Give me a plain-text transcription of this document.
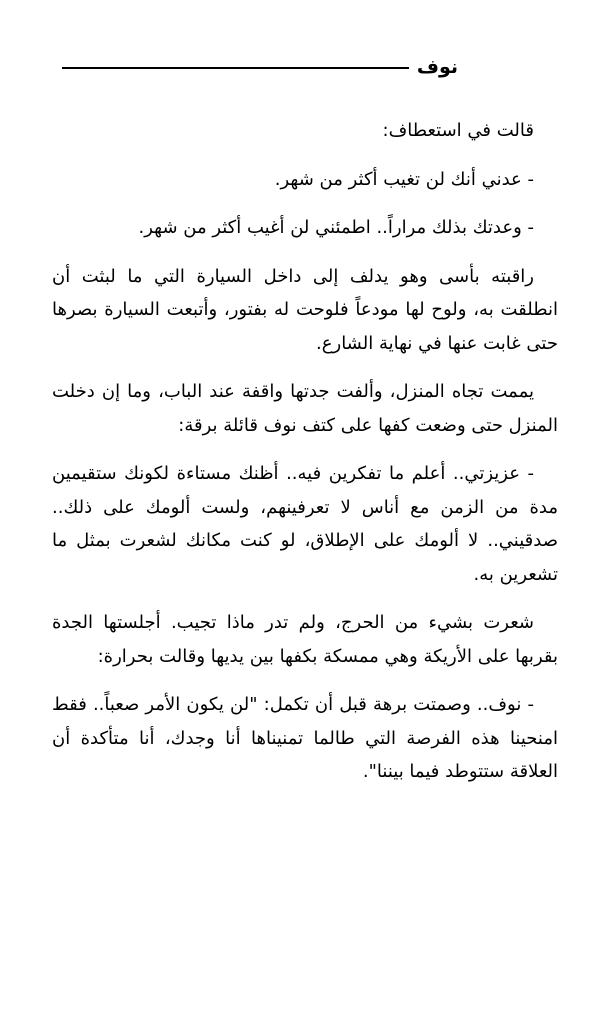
نوف

قالت في استعطاف:

- عدني أنك لن تغيب أكثر من شهر.

- وعدتك بذلك مراراً.. اطمئني لن أغيب أكثر من شهر.

راقبته بأسى وهو يدلف إلى داخل السيارة التي ما لبثت أن انطلقت به، ولوح لها مودعاً فلوحت له بفتور، وأتبعت السيارة بصرها حتى غابت عنها في نهاية الشارع.

يممت تجاه المنزل، وألفت جدتها واقفة عند الباب، وما إن دخلت المنزل حتى وضعت كفها على كتف نوف قائلة برقة:

- عزيزتي.. أعلم ما تفكرين فيه.. أظنك مستاءة لكونك ستقيمين مدة من الزمن مع أناس لا تعرفينهم، ولست ألومك على ذلك.. صدقيني.. لا ألومك على الإطلاق، لو كنت مكانك لشعرت بمثل ما تشعرين به.

شعرت بشيء من الحرج، ولم تدر ماذا تجيب. أجلستها الجدة بقربها على الأريكة وهي ممسكة بكفها بين يديها وقالت بحرارة:

- نوف.. وصمتت برهة قبل أن تكمل: "لن يكون الأمر صعباً.. فقط امنحينا هذه الفرصة التي طالما تمنيناها أنا وجدك، أنا متأكدة أن العلاقة ستتوطد فيما بيننا".
